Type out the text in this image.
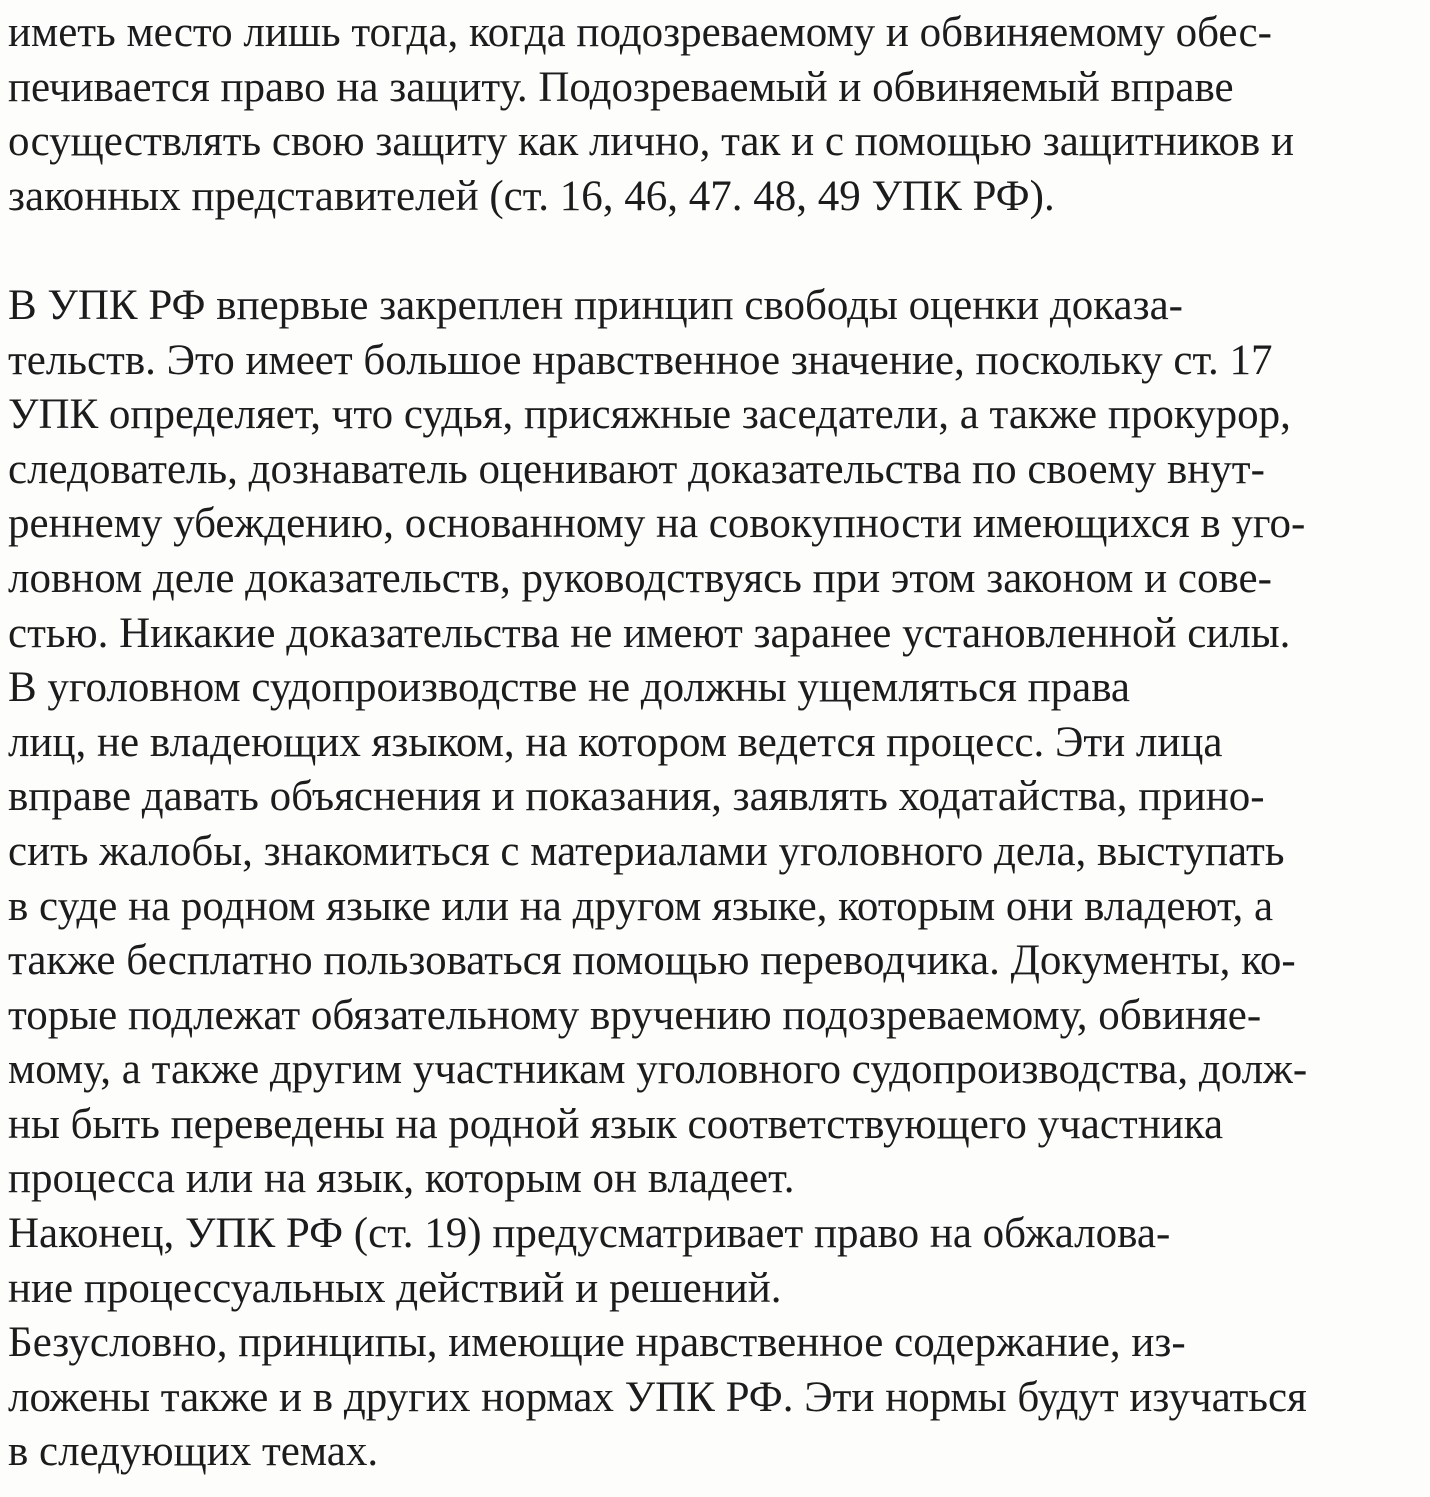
иметь место лишь тогда, когда подозреваемому и обвиняемому обес-
печивается право на защиту. Подозреваемый и обвиняемый вправе
осуществлять свою защиту как лично, так и с помощью защитников и
законных представителей (ст. 16, 46, 47. 48, 49 УПК РФ).
В УПК РФ впервые закреплен принцип свободы оценки доказа-
тельств. Это имеет большое нравственное значение, поскольку ст. 17
УПК определяет, что судья, присяжные заседатели, а также прокурор,
следователь, дознаватель оценивают доказательства по своему внут-
реннему убеждению, основанному на совокупности имеющихся в уго-
ловном деле доказательств, руководствуясь при этом законом и сове-
стью. Никакие доказательства не имеют заранее установленной силы.
В уголовном судопроизводстве не должны ущемляться права
лиц, не владеющих языком, на котором ведется процесс. Эти лица
вправе давать объяснения и показания, заявлять ходатайства, прино-
сить жалобы, знакомиться с материалами уголовного дела, выступать
в суде на родном языке или на другом языке, которым они владеют, а
также бесплатно пользоваться помощью переводчика. Документы, ко-
торые подлежат обязательному вручению подозреваемому, обвиняе-
мому, а также другим участникам уголовного судопроизводства, долж-
ны быть переведены на родной язык соответствующего участника
процесса или на язык, которым он владеет.
Наконец, УПК РФ (ст. 19) предусматривает право на обжалова-
ние процессуальных действий и решений.
Безусловно, принципы, имеющие нравственное содержание, из-
ложены также и в других нормах УПК РФ. Эти нормы будут изучаться
в следующих темах.
